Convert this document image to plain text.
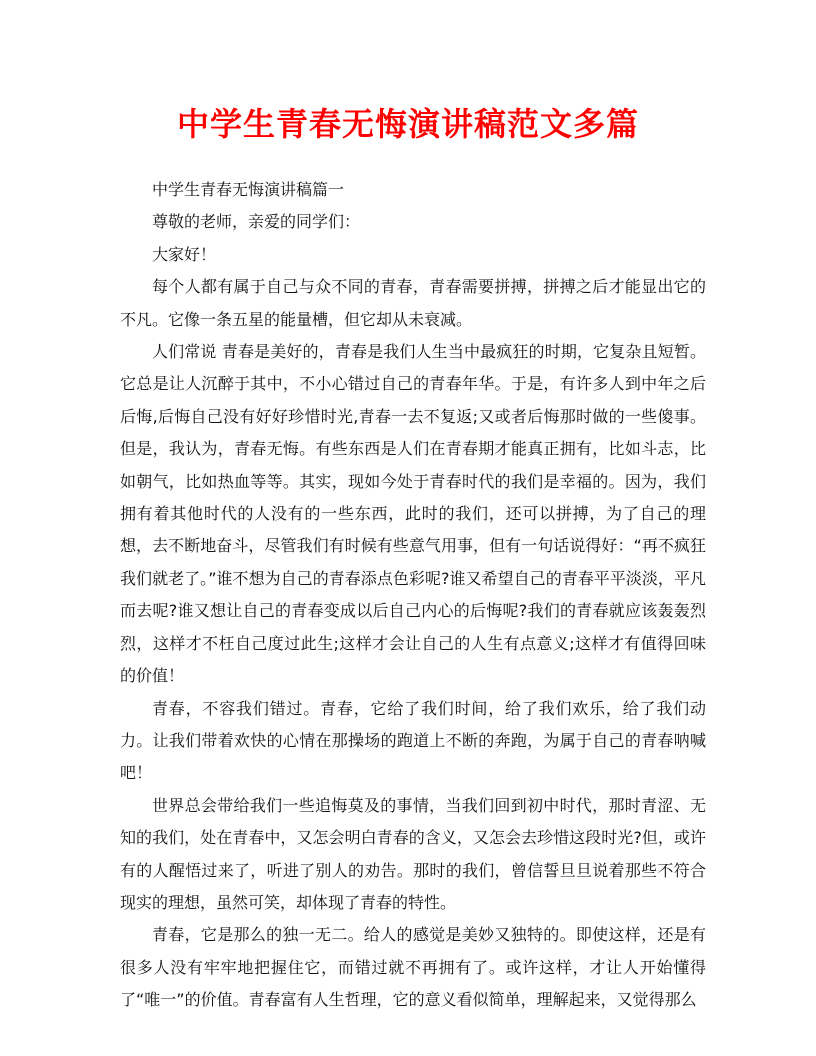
中学生青春无悔演讲稿范文多篇

中学生青春无悔演讲稿篇一

尊敬的老师，亲爱的同学们：

大家好！

每个人都有属于自己与众不同的青春，青春需要拼搏，拼搏之后才能显出它的不凡。它像一条五星的能量槽，但它却从未衰减。

人们常说 青春是美好的，青春是我们人生当中最疯狂的时期，它复杂且短暂。它总是让人沉醉于其中，不小心错过自己的青春年华。于是，有许多人到中年之后后悔,后悔自己没有好好珍惜时光,青春一去不复返;又或者后悔那时做的一些傻事。但是，我认为，青春无悔。有些东西是人们在青春期才能真正拥有，比如斗志，比如朝气，比如热血等等。其实，现如今处于青春时代的我们是幸福的。因为，我们拥有着其他时代的人没有的一些东西，此时的我们，还可以拼搏，为了自己的理想，去不断地奋斗，尽管我们有时候有些意气用事，但有一句话说得好：“再不疯狂我们就老了。”谁不想为自己的青春添点色彩呢?谁又希望自己的青春平平淡淡，平凡而去呢?谁又想让自己的青春变成以后自己内心的后悔呢?我们的青春就应该轰轰烈烈，这样才不枉自己度过此生;这样才会让自己的人生有点意义;这样才有值得回味的价值！

青春，不容我们错过。青春，它给了我们时间，给了我们欢乐，给了我们动力。让我们带着欢快的心情在那操场的跑道上不断的奔跑，为属于自己的青春呐喊吧！

世界总会带给我们一些追悔莫及的事情，当我们回到初中时代，那时青涩、无知的我们，处在青春中，又怎会明白青春的含义，又怎会去珍惜这段时光?但，或许有的人醒悟过来了，听进了别人的劝告。那时的我们，曾信誓旦旦说着那些不符合现实的理想，虽然可笑，却体现了青春的特性。

青春，它是那么的独一无二。给人的感觉是美妙又独特的。即使这样，还是有很多人没有牢牢地把握住它，而错过就不再拥有了。或许这样，才让人开始懂得了“唯一”的价值。青春富有人生哲理，它的意义看似简单，理解起来，又觉得那么
